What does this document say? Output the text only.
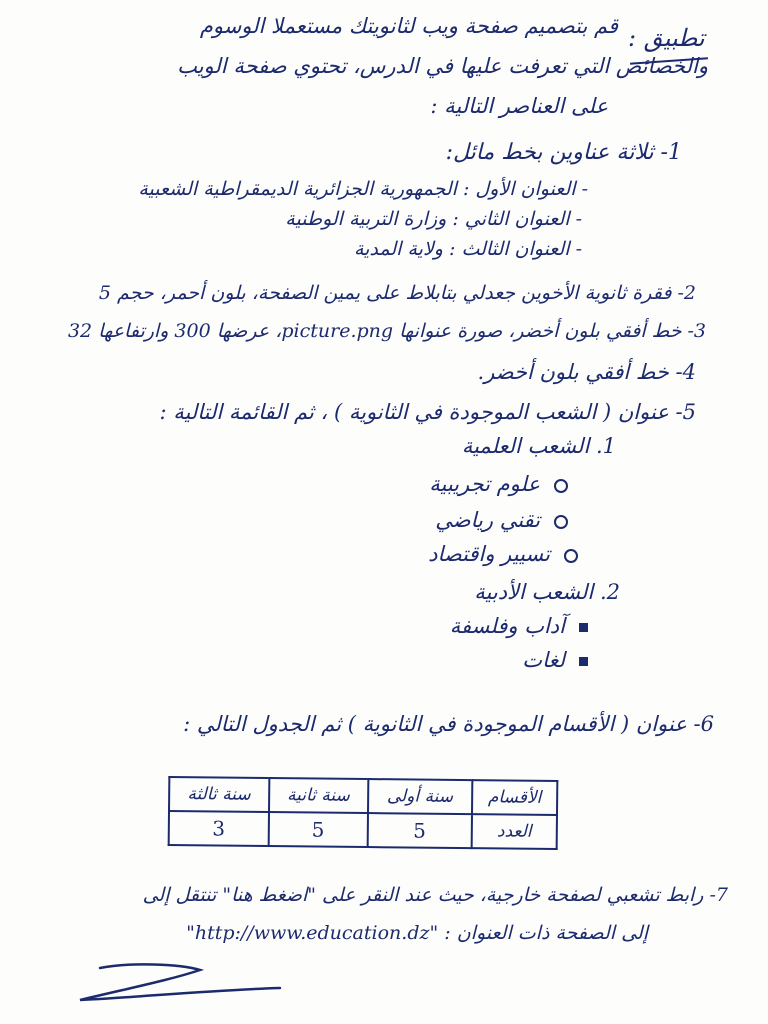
تطبيق :
قم بتصميم صفحة ويب لثانويتك مستعملا الوسوم
والخصائص التي تعرفت عليها في الدرس، تحتوي صفحة الويب
على العناصر التالية :
1- ثلاثة عناوين بخط مائل:
- العنوان الأول : الجمهورية الجزائرية الديمقراطية الشعبية
- العنوان الثاني : وزارة التربية الوطنية
- العنوان الثالث : ولاية المدية
2- فقرة ثانوية الأخوين جعدلي بتابلاط على يمين الصفحة، بلون أحمر، حجم 5
3- خط أفقي بلون أخضر، صورة عنوانها picture.png، عرضها 300 وارتفاعها 32
4- خط أفقي بلون أخضر.
5- عنوان ( الشعب الموجودة في الثانوية ) ، ثم القائمة التالية :
1. الشعب العلمية
علوم تجريبية
تقني رياضي
تسيير واقتصاد
2. الشعب الأدبية
آداب وفلسفة
لغات
6- عنوان ( الأقسام الموجودة في الثانوية ) ثم الجدول التالي :
الأقسام	سنة أولى	سنة ثانية	سنة ثالثة
العدد	5	5	3
7- رابط تشعبي لصفحة خارجية، حيث عند النقر على "اضغط هنا" تنتقل إلى
إلى الصفحة ذات العنوان : "http://www.education.dz"
